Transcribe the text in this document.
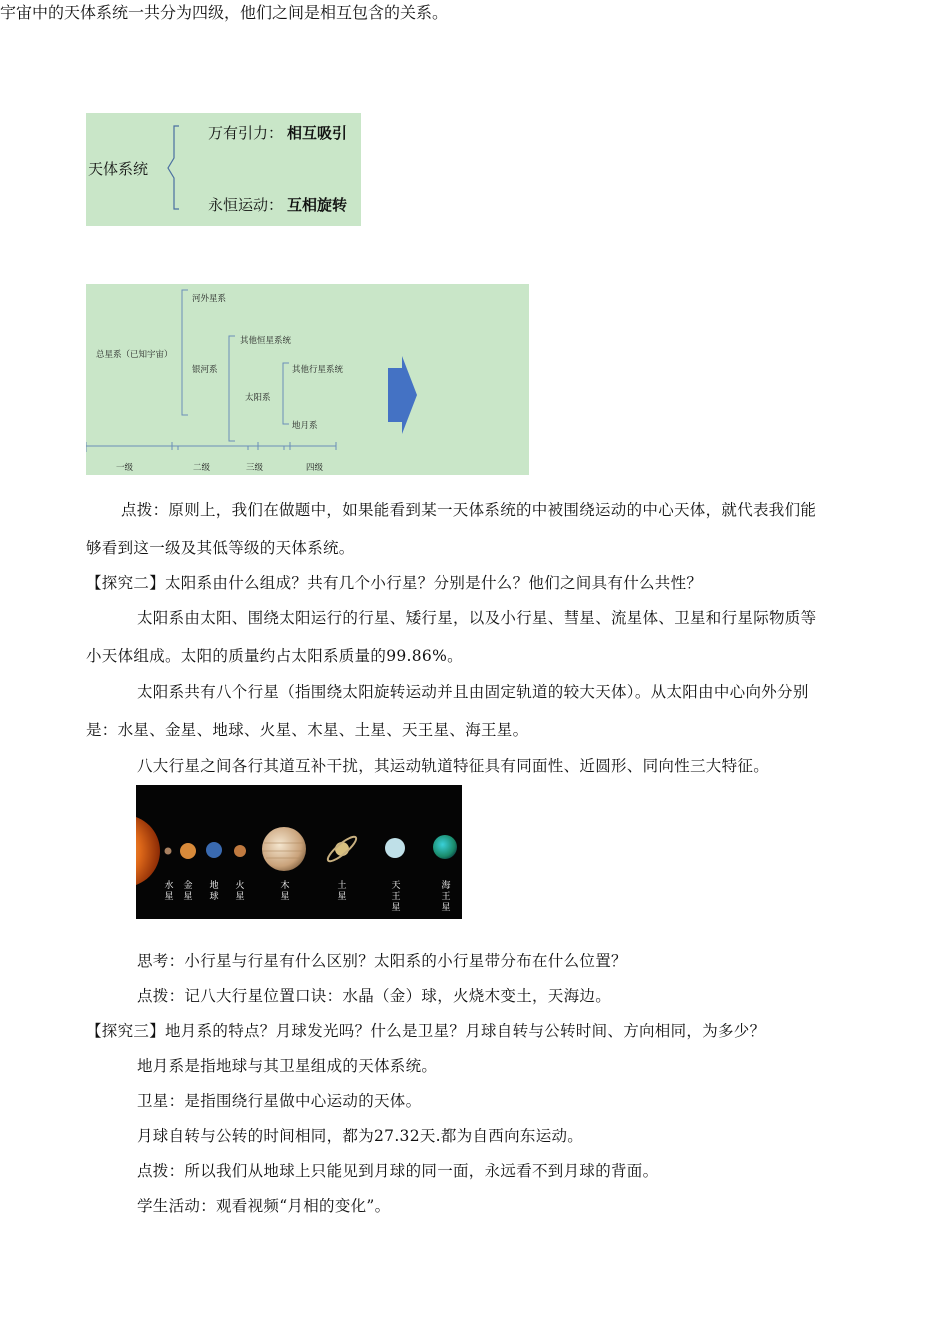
天体系统
万有引力： 相互吸引
永恒运动： 互相旋转
总星系（已知宇宙）
河外星系
银河系
其他恒星系统
太阳系
其他行星系统
地月系
一级	二级	三级	四级
宇宙中的天体系统一共分为四级，他们之间是相互包含的关系。
点拨：原则上，我们在做题中，如果能看到某一天体系统的中被围绕运动的中心天体，就代表我们能
够看到这一级及其低等级的天体系统。
【探究二】太阳系由什么组成？共有几个小行星？分别是什么？他们之间具有什么共性？
太阳系由太阳、围绕太阳运行的行星、矮行星，以及小行星、彗星、流星体、卫星和行星际物质等
小天体组成。太阳的质量约占太阳系质量的99.86%。
太阳系共有八个行星（指围绕太阳旋转运动并且由固定轨道的较大天体）。从太阳由中心向外分别
是：水星、金星、地球、火星、木星、土星、天王星、海王星。
八大行星之间各行其道互补干扰，其运动轨道特征具有同面性、近圆形、同向性三大特征。
水星
金星
地球
火星
木星
土星
天王星
海王星
思考：小行星与行星有什么区别？太阳系的小行星带分布在什么位置？
点拨：记八大行星位置口诀：水晶（金）球，火烧木变土，天海边。
【探究三】地月系的特点？月球发光吗？什么是卫星？月球自转与公转时间、方向相同，为多少？
地月系是指地球与其卫星组成的天体系统。
卫星：是指围绕行星做中心运动的天体。
月球自转与公转的时间相同，都为27.32天.都为自西向东运动。
点拨：所以我们从地球上只能见到月球的同一面，永远看不到月球的背面。
学生活动：观看视频“月相的变化”。
